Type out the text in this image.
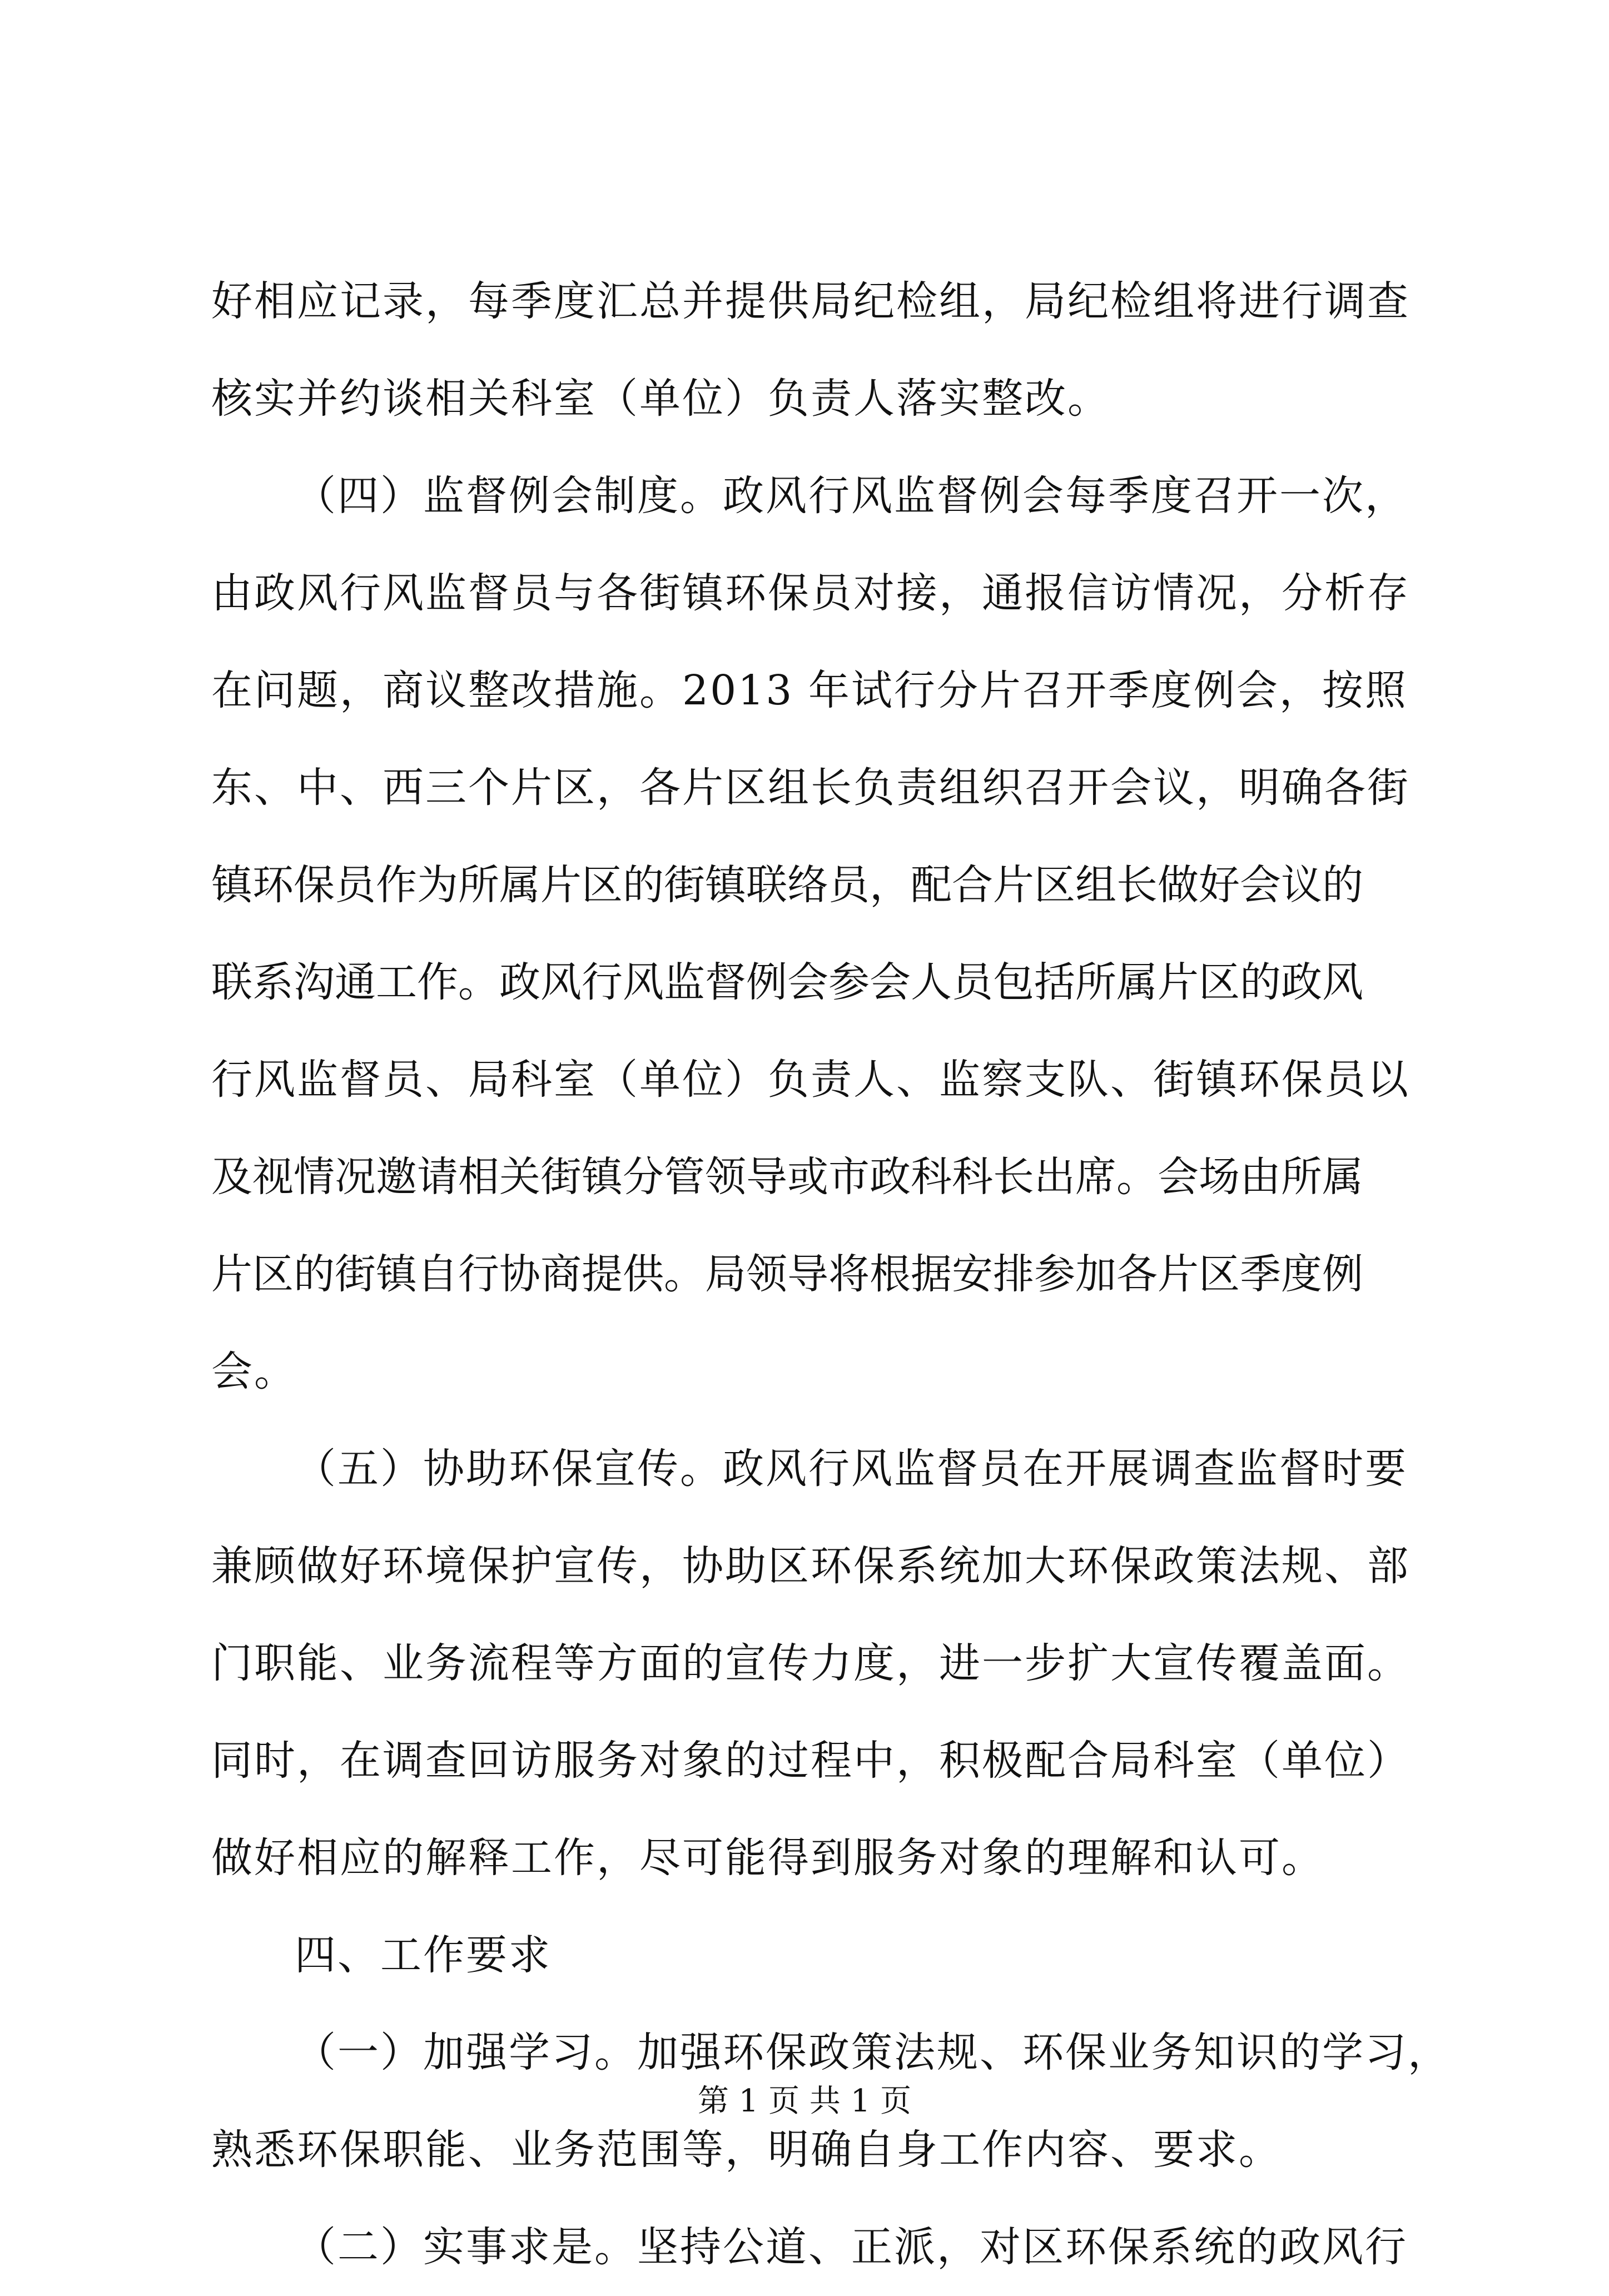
好相应记录，每季度汇总并提供局纪检组，局纪检组将进行调查
核实并约谈相关科室（单位）负责人落实整改。
（四）监督例会制度。政风行风监督例会每季度召开一次，
由政风行风监督员与各街镇环保员对接，通报信访情况，分析存
在问题，商议整改措施。2013 年试行分片召开季度例会，按照
东、中、西三个片区，各片区组长负责组织召开会议，明确各街
镇环保员作为所属片区的街镇联络员，配合片区组长做好会议的
联系沟通工作。政风行风监督例会参会人员包括所属片区的政风
行风监督员、局科室（单位）负责人、监察支队、街镇环保员以
及视情况邀请相关街镇分管领导或市政科科长出席。会场由所属
片区的街镇自行协商提供。局领导将根据安排参加各片区季度例
会。
（五）协助环保宣传。政风行风监督员在开展调查监督时要
兼顾做好环境保护宣传，协助区环保系统加大环保政策法规、部
门职能、业务流程等方面的宣传力度，进一步扩大宣传覆盖面。
同时，在调查回访服务对象的过程中，积极配合局科室（单位）
做好相应的解释工作，尽可能得到服务对象的理解和认可。
四、工作要求
（一）加强学习。加强环保政策法规、环保业务知识的学习，
熟悉环保职能、业务范围等，明确自身工作内容、要求。
（二）实事求是。坚持公道、正派，对区环保系统的政风行
第 1 页 共 1 页
